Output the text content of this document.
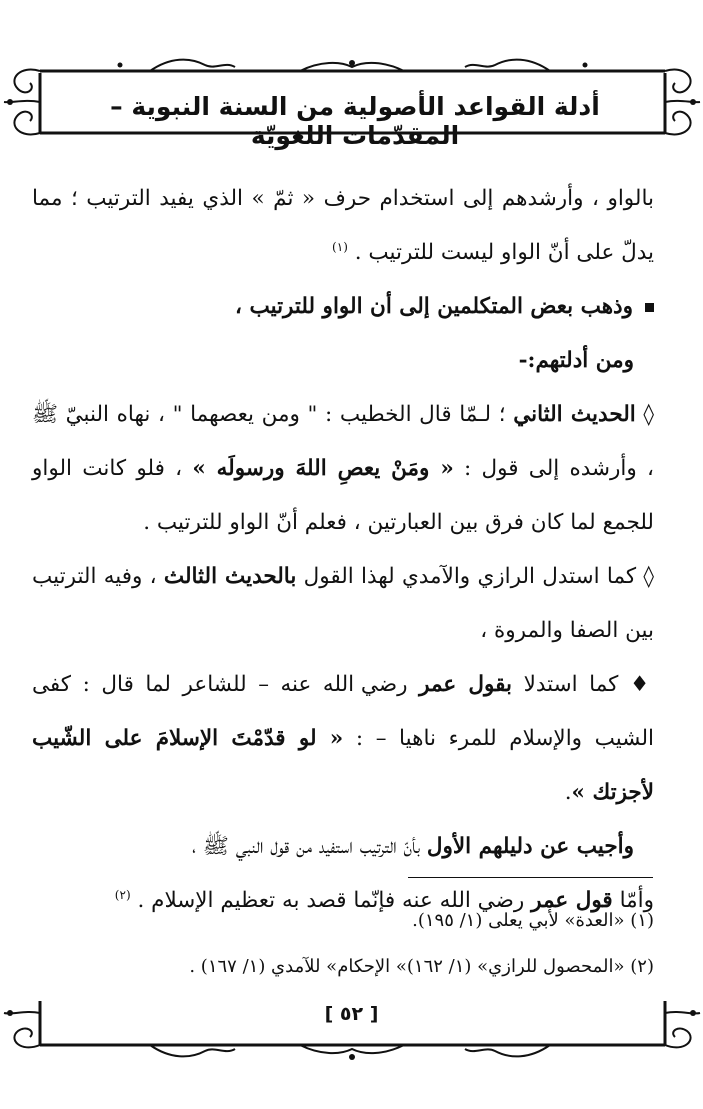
أدلة القواعد الأصولية من السنة النبوية – المقدّمات اللغويّة

بالواو ، وأرشدهم إلى استخدام حرف « ثمّ » الذي يفيد الترتيب ؛ مما يدلّ على أنّ الواو ليست للترتيب . $^{(١)}$

وذهب بعض المتكلمين إلى أن الواو للترتيب ،

ومن أدلتهم:-

◊ الحديث الثاني ؛ لـمّا قال الخطيب : " ومن يعصهما " ، نهاه النبيّ ﷺ ، وأرشده إلى قول : « ومَنْ يعصِ اللهَ ورسولَه » ، فلو كانت الواو للجمع لما كان فرق بين العبارتين ، فعلم أنّ الواو للترتيب .

◊ كما استدل الرازي والآمدي لهذا القول بالحديث الثالث ، وفيه الترتيب بين الصفا والمروة ،

♦ كما استدلا بقول عمر رضي الله عنه – للشاعر لما قال : كفى الشيب والإسلام للمرء ناهيا – : « لو قدّمْتَ الإسلامَ على الشّيب لأجزتك ».

وأجيب عن دليلهم الأول بأنّ الترتيب استفيد من قول النبي ﷺ ،

وأمّا قول عمر رضي الله عنه فإنّما قصد به تعظيم الإسلام . $^{(٢)}$

(١) «العدة» لأبي يعلى (١/ ١٩٥).
(٢) «المحصول للرازي» (١/ ١٦٢)» الإحكام» للآمدي (١/ ١٦٧) .
[ ٥٢ ]
